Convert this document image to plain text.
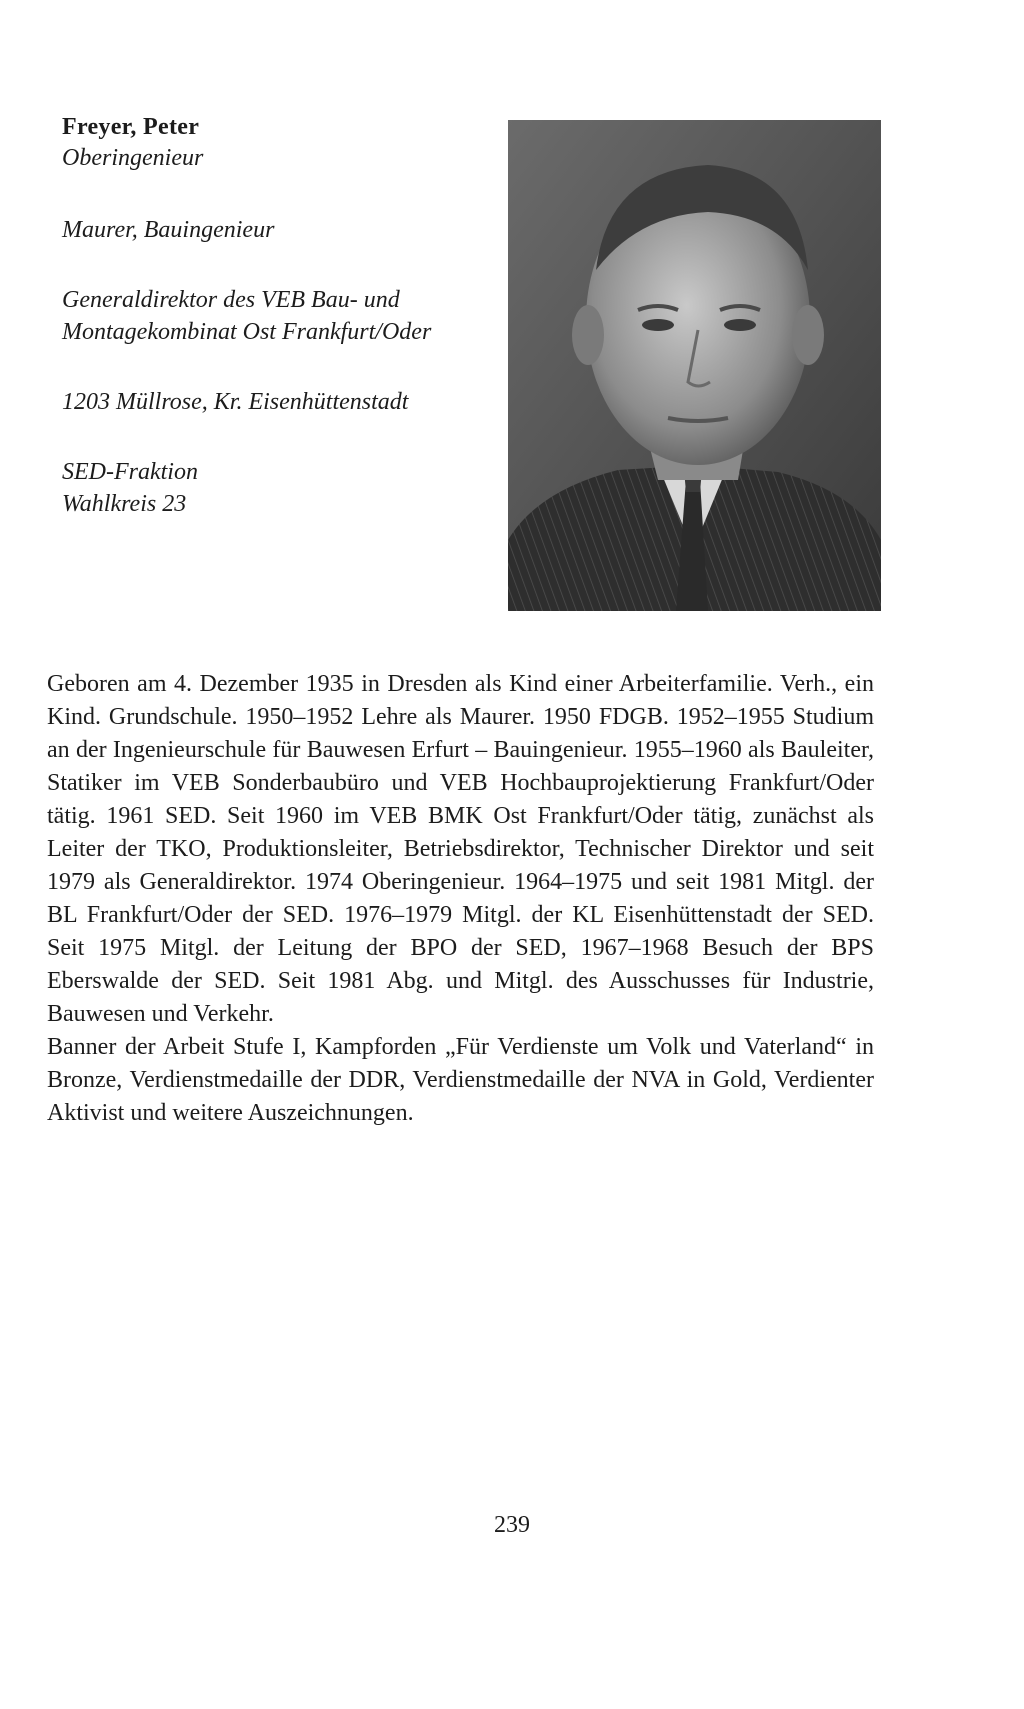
Freyer, Peter

Oberingenieur

Maurer, Bauingenieur

Generaldirektor des VEB Bau- und

Montagekombinat Ost Frankfurt/Oder

1203 Müllrose, Kr. Eisenhüttenstadt

SED-Fraktion

Wahlkreis 23

Geboren am 4. Dezember 1935 in Dresden als Kind einer Arbeiterfamilie. Verh., ein Kind. Grundschule. 1950–1952 Lehre als Maurer. 1950 FDGB. 1952–1955 Studium an der Ingenieurschule für Bauwesen Erfurt – Bauingenieur. 1955–1960 als Bauleiter, Statiker im VEB Sonderbaubüro und VEB Hochbauprojektierung Frankfurt/Oder tätig. 1961 SED. Seit 1960 im VEB BMK Ost Frankfurt/Oder tätig, zunächst als Leiter der TKO, Produktionsleiter, Betriebsdirektor, Technischer Direktor und seit 1979 als Generaldirektor. 1974 Oberingenieur. 1964–1975 und seit 1981 Mitgl. der BL Frankfurt/Oder der SED. 1976–1979 Mitgl. der KL Eisenhüttenstadt der SED. Seit 1975 Mitgl. der Leitung der BPO der SED, 1967–1968 Besuch der BPS Eberswalde der SED. Seit 1981 Abg. und Mitgl. des Ausschusses für Industrie, Bauwesen und Verkehr.

Banner der Arbeit Stufe I, Kampforden „Für Verdienste um Volk und Vaterland“ in Bronze, Verdienstmedaille der DDR, Verdienstmedaille der NVA in Gold, Verdienter Aktivist und weitere Auszeichnungen.

239
